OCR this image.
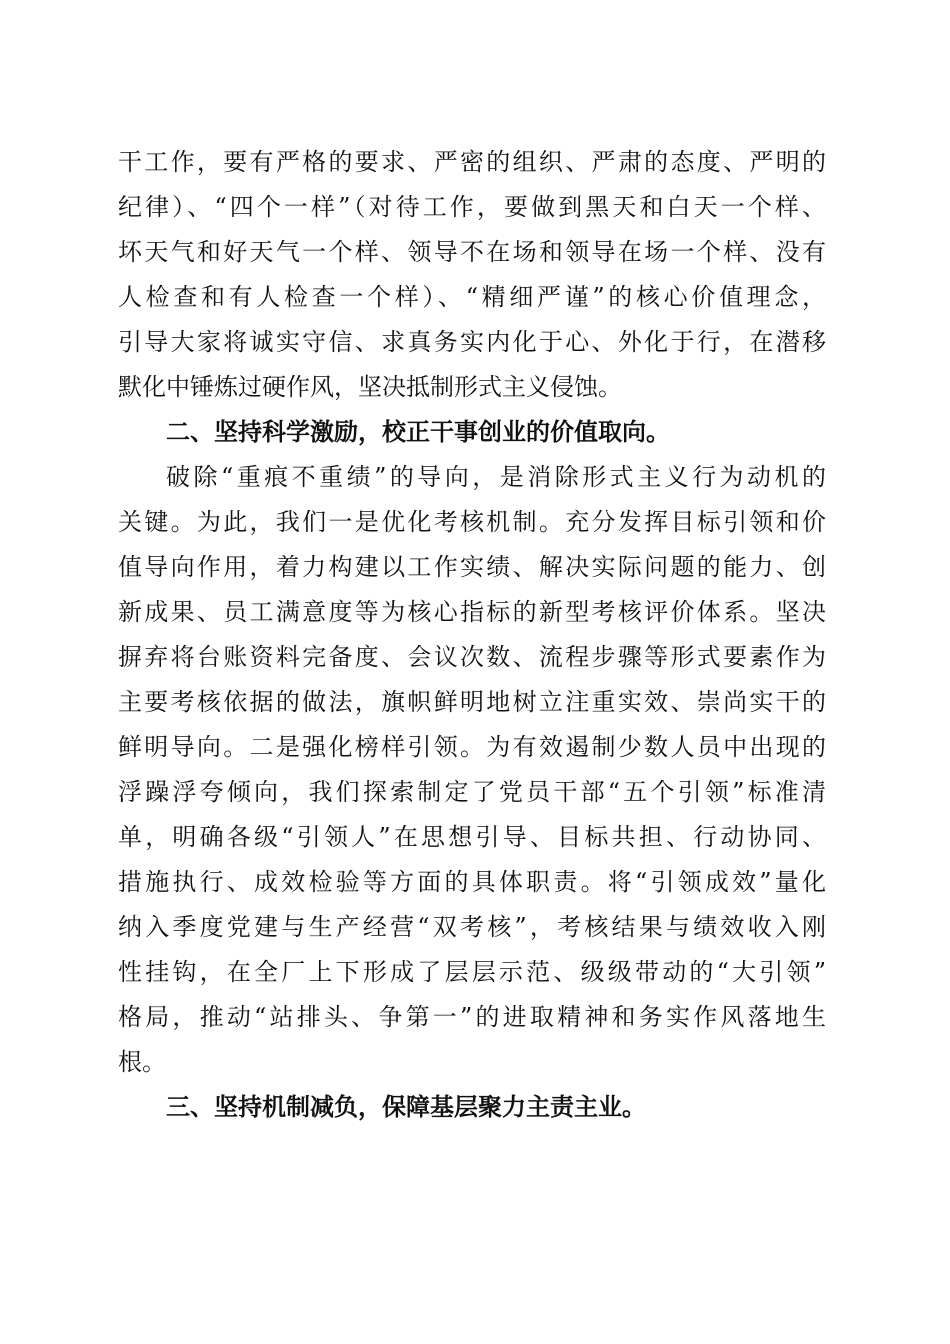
干工作，要有严格的要求、严密的组织、严肃的态度、严明的
纪律）、“四个一样”（对待工作，要做到黑天和白天一个样、
坏天气和好天气一个样、领导不在场和领导在场一个样、没有
人检查和有人检查一个样）、“精细严谨”的核心价值理念，
引导大家将诚实守信、求真务实内化于心、外化于行，在潜移
默化中锤炼过硬作风，坚决抵制形式主义侵蚀。
二、坚持科学激励，校正干事创业的价值取向。
破除“重痕不重绩”的导向，是消除形式主义行为动机的
关键。为此，我们一是优化考核机制。充分发挥目标引领和价
值导向作用，着力构建以工作实绩、解决实际问题的能力、创
新成果、员工满意度等为核心指标的新型考核评价体系。坚决
摒弃将台账资料完备度、会议次数、流程步骤等形式要素作为
主要考核依据的做法，旗帜鲜明地树立注重实效、崇尚实干的
鲜明导向。二是强化榜样引领。为有效遏制少数人员中出现的
浮躁浮夸倾向，我们探索制定了党员干部“五个引领”标准清
单，明确各级“引领人”在思想引导、目标共担、行动协同、
措施执行、成效检验等方面的具体职责。将“引领成效”量化
纳入季度党建与生产经营“双考核”，考核结果与绩效收入刚
性挂钩，在全厂上下形成了层层示范、级级带动的“大引领”
格局，推动“站排头、争第一”的进取精神和务实作风落地生
根。
三、坚持机制减负，保障基层聚力主责主业。
